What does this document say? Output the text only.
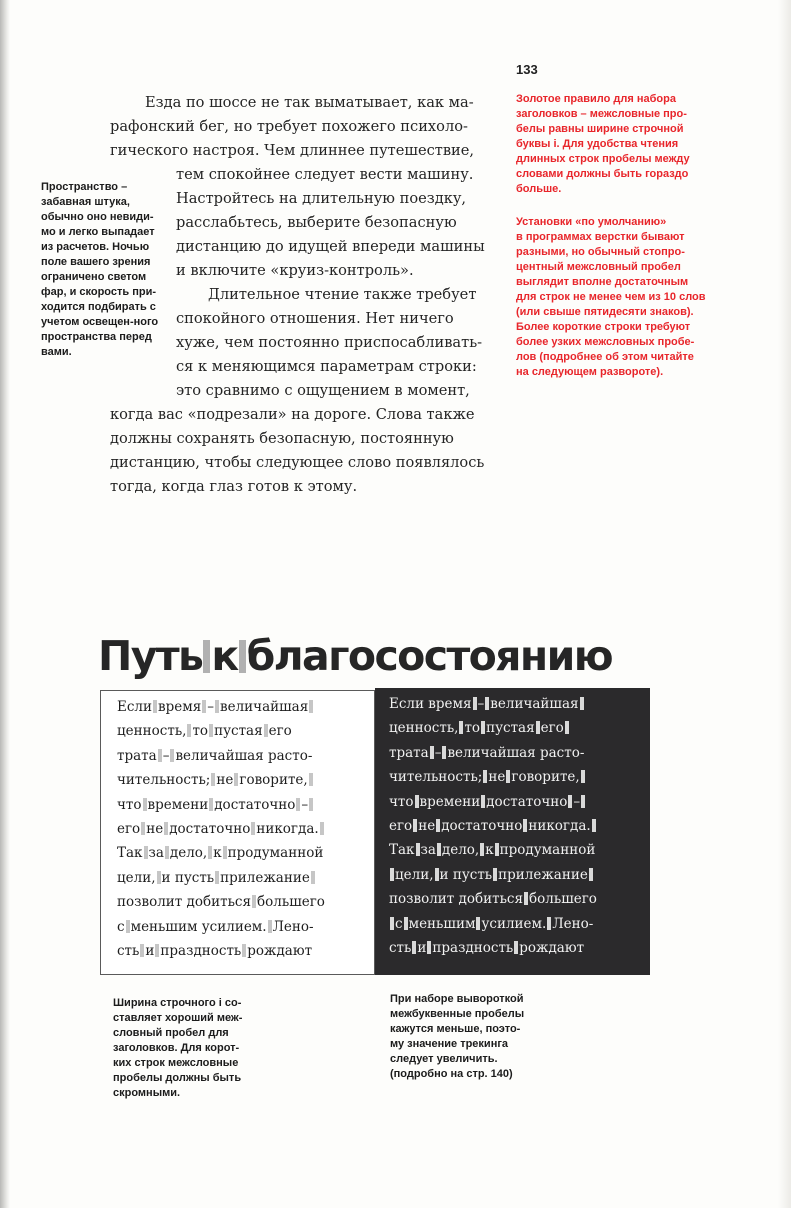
133
Езда по шоссе не так выматывает, как ма-
рафонский бег, но требует похожего психоло-
гического настроя. Чем длиннее путешествие,
тем спокойнее следует вести машину.
Настройтесь на длительную поездку,
расслабьтесь, выберите безопасную
дистанцию до идущей впереди машины
и включите «круиз-контроль».
Длительное чтение также требует
спокойного отношения. Нет ничего
хуже, чем постоянно приспосабливать-
ся к меняющимся параметрам строки:
это сравнимо с ощущением в момент,
когда вас «подрезали» на дороге. Слова также
должны сохранять безопасную, постоянную
дистанцию, чтобы следующее слово появлялось
тогда, когда глаз готов к этому.
Пространство – забавная штука, обычно оно невиди-мо и легко выпадает из расчетов. Ночью поле вашего зрения ограничено светом фар, и скорость при-ходится подбирать с учетом освещен-ного пространства перед вами.
Золотое правило для набора
заголовков – межсловные про-
белы равны ширине строчной
буквы i. Для удобства чтения
длинных строк пробелы между
словами должны быть гораздо
больше.
Установки «по умолчанию»
в программах верстки бывают
разными, но обычный стопро-
центный межсловный пробел
выглядит вполне достаточным
для строк не менее чем из 10 слов
(или свыше пятидесяти знаков).
Более короткие строки требуют
более узких межсловных пробе-
лов (подробнее об этом читайте
на следующем развороте).
Путь к благосостоянию
Если время – величайшая
ценность, то пустая его
трата – величайшая расто-
чительность; не говорите,
что времени достаточно –
его не достаточно никогда.
Так за дело, к продуманной
цели, и пусть прилежание
позволит добиться большего
с меньшим усилием. Лено-
сть и праздность рождают
Если время – величайшая
ценность, то пустая его
трата – величайшая расто-
чительность; не говорите,
что времени достаточно –
его не достаточно никогда.
Так за дело, к продуманной
цели, и пусть прилежание
позволит добиться большего
с меньшим усилием. Лено-
сть и праздность рождают
Ширина строчного i со-
ставляет хороший меж-
словный пробел для
заголовков. Для корот-
ких строк межсловные
пробелы должны быть
скромными.
При наборе вывороткой
межбуквенные пробелы
кажутся меньше, поэто-
му значение трекинга
следует увеличить.
(подробно на стр. 140)
